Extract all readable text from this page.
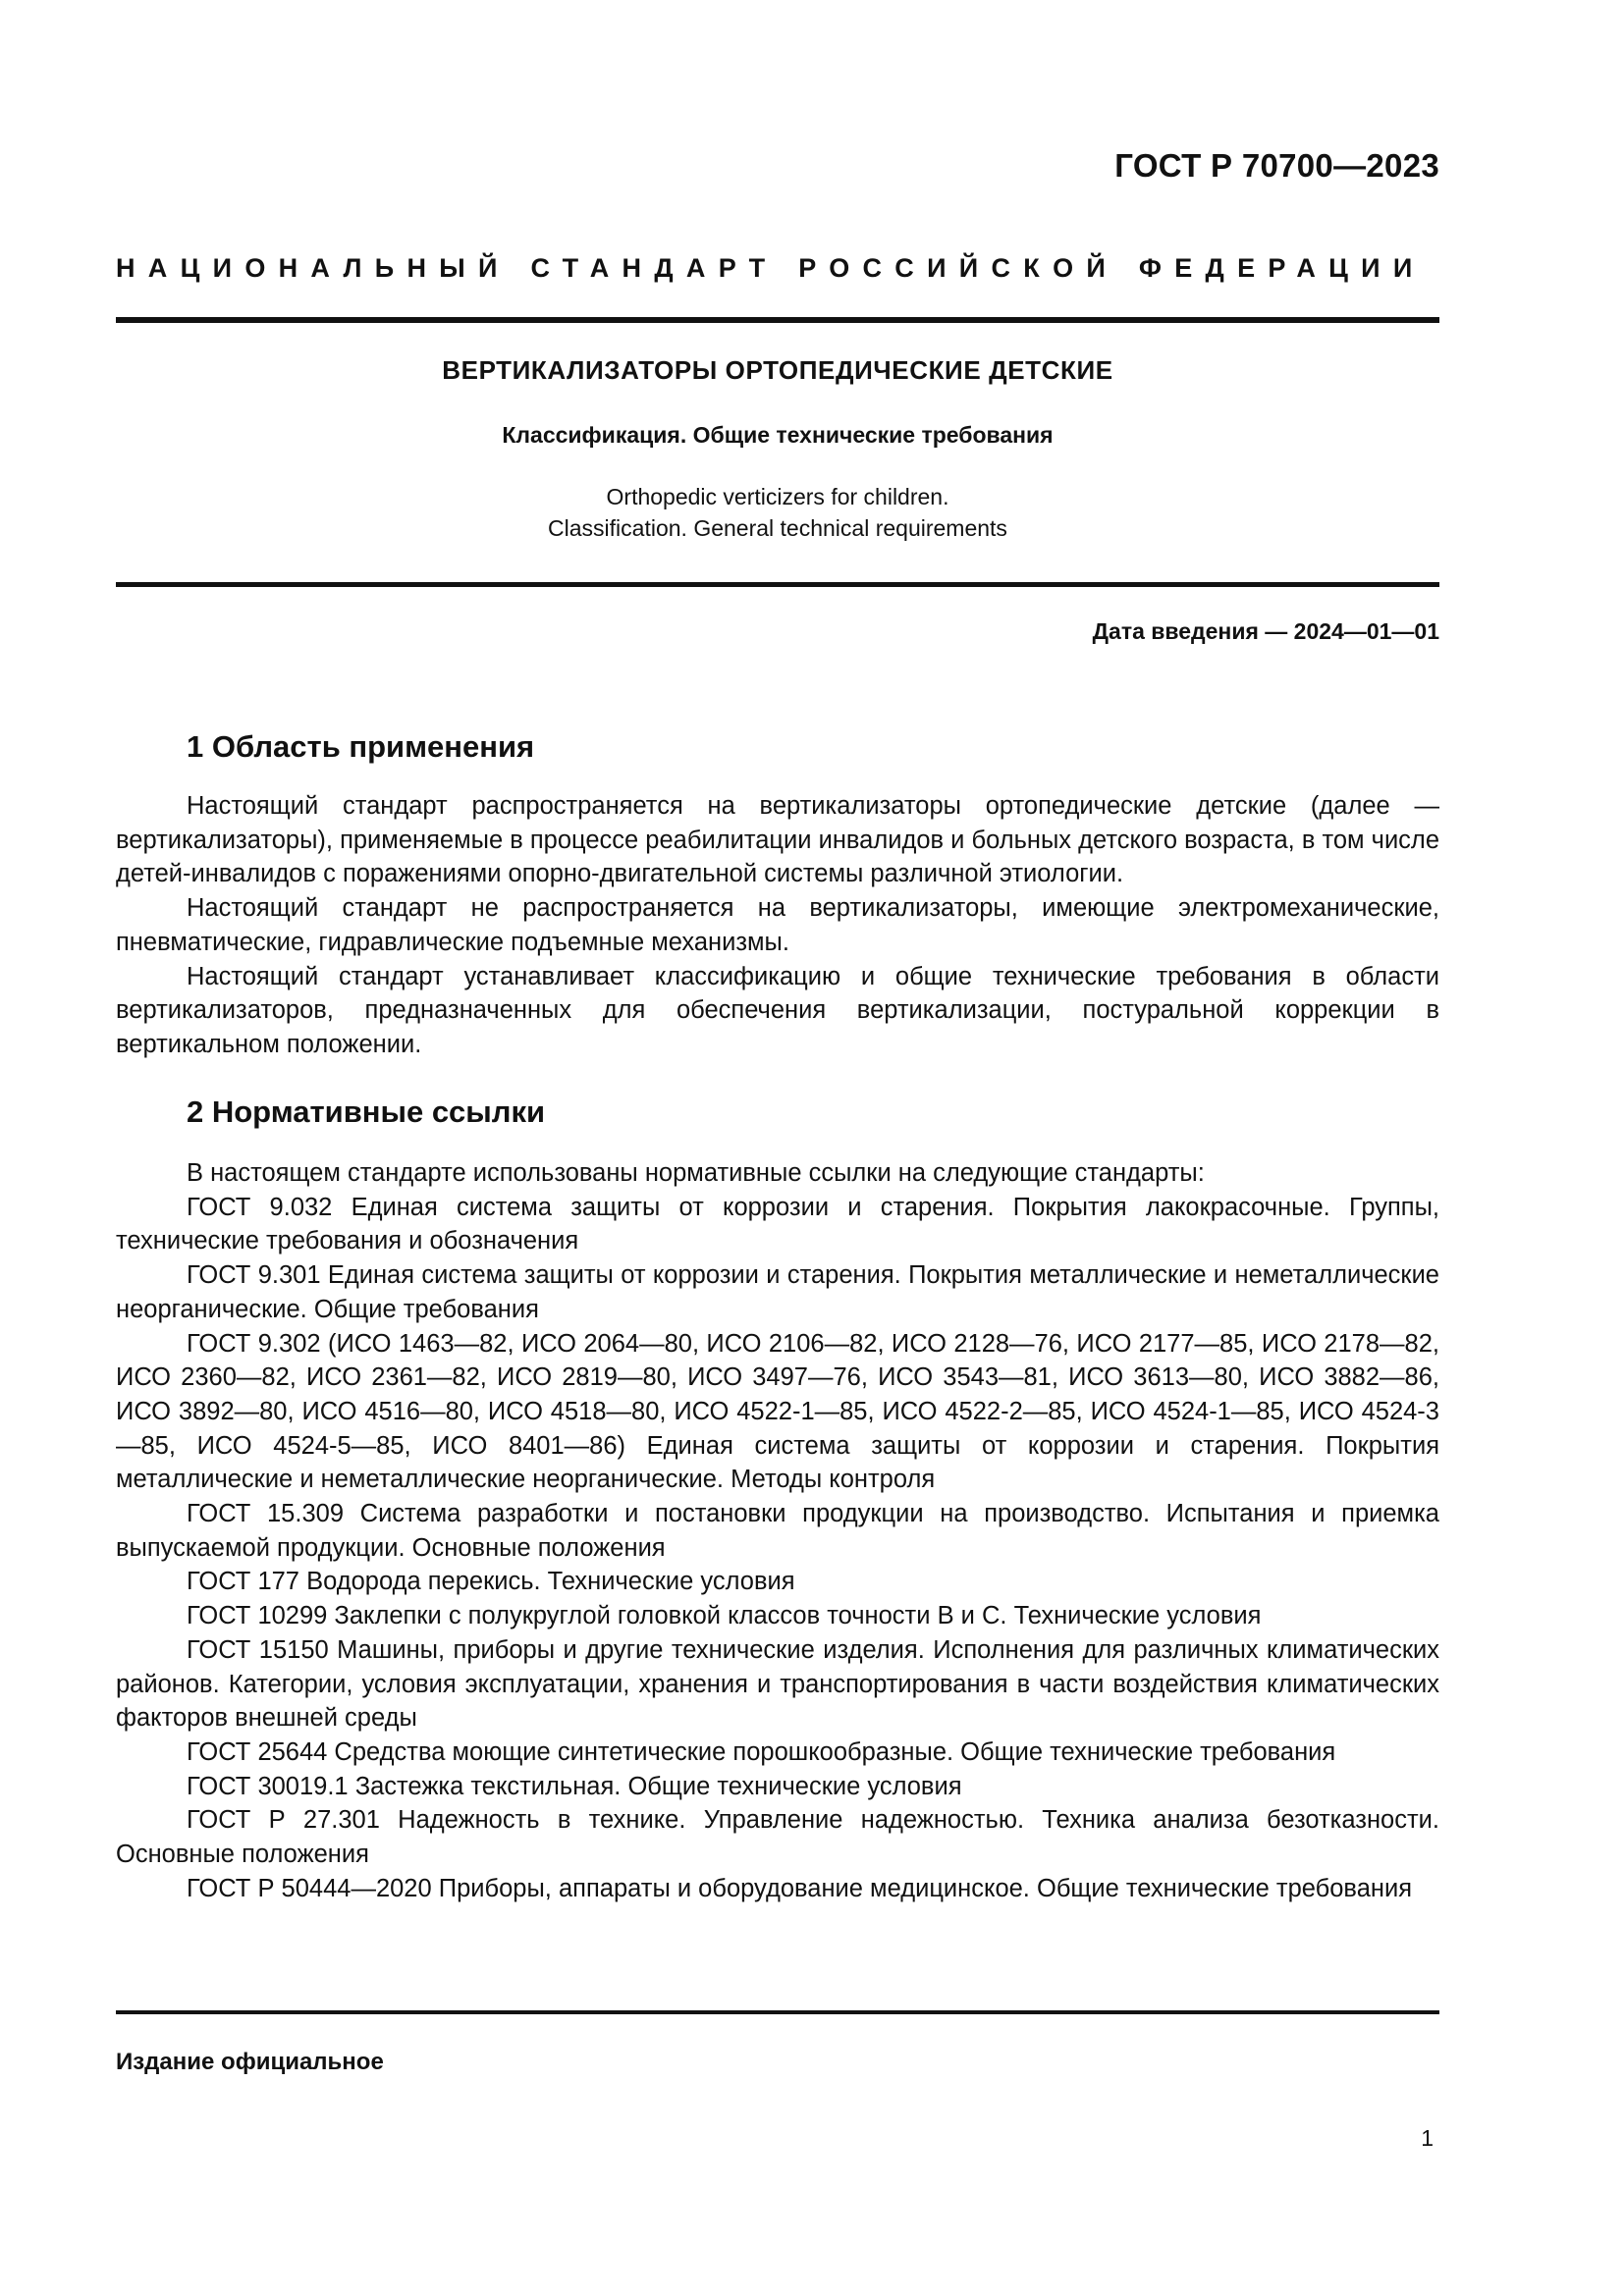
ГОСТ Р 70700—2023
НАЦИОНАЛЬНЫЙ СТАНДАРТ РОССИЙСКОЙ ФЕДЕРАЦИИ
ВЕРТИКАЛИЗАТОРЫ ОРТОПЕДИЧЕСКИЕ ДЕТСКИЕ
Классификация. Общие технические требования
Orthopedic verticizers for children.
Classification. General technical requirements
Дата введения — 2024—01—01
1 Область применения

Настоящий стандарт распространяется на вертикализаторы ортопедические детские (далее — вертикализаторы), применяемые в процессе реабилитации инвалидов и больных детского возраста, в том числе детей-инвалидов с поражениями опорно-двигательной системы различной этиологии.

Настоящий стандарт не распространяется на вертикализаторы, имеющие электромеханические, пневматические, гидравлические подъемные механизмы.

Настоящий стандарт устанавливает классификацию и общие технические требования в области вертикализаторов, предназначенных для обеспечения вертикализации, постуральной коррекции в вертикальном положении.

2 Нормативные ссылки

В настоящем стандарте использованы нормативные ссылки на следующие стандарты:

ГОСТ 9.032 Единая система защиты от коррозии и старения. Покрытия лакокрасочные. Группы, технические требования и обозначения

ГОСТ 9.301 Единая система защиты от коррозии и старения. Покрытия металлические и неметаллические неорганические. Общие требования

ГОСТ 9.302 (ИСО 1463—82, ИСО 2064—80, ИСО 2106—82, ИСО 2128—76, ИСО 2177—85, ИСО 2178—82, ИСО 2360—82, ИСО 2361—82, ИСО 2819—80, ИСО 3497—76, ИСО 3543—81, ИСО 3613—80, ИСО 3882—86, ИСО 3892—80, ИСО 4516—80, ИСО 4518—80, ИСО 4522-1—85, ИСО 4522-2—85, ИСО 4524-1—85, ИСО 4524-3—85, ИСО 4524-5—85, ИСО 8401—86) Единая система защиты от коррозии и старения. Покрытия металлические и неметаллические неорганические. Методы контроля

ГОСТ 15.309 Система разработки и постановки продукции на производство. Испытания и приемка выпускаемой продукции. Основные положения

ГОСТ 177 Водорода перекись. Технические условия

ГОСТ 10299 Заклепки с полукруглой головкой классов точности В и С. Технические условия

ГОСТ 15150 Машины, приборы и другие технические изделия. Исполнения для различных климатических районов. Категории, условия эксплуатации, хранения и транспортирования в части воздействия климатических факторов внешней среды

ГОСТ 25644 Средства моющие синтетические порошкообразные. Общие технические требования

ГОСТ 30019.1 Застежка текстильная. Общие технические условия

ГОСТ Р 27.301 Надежность в технике. Управление надежностью. Техника анализа безотказности. Основные положения

ГОСТ Р 50444—2020 Приборы, аппараты и оборудование медицинское. Общие технические требования

Издание официальное
1
